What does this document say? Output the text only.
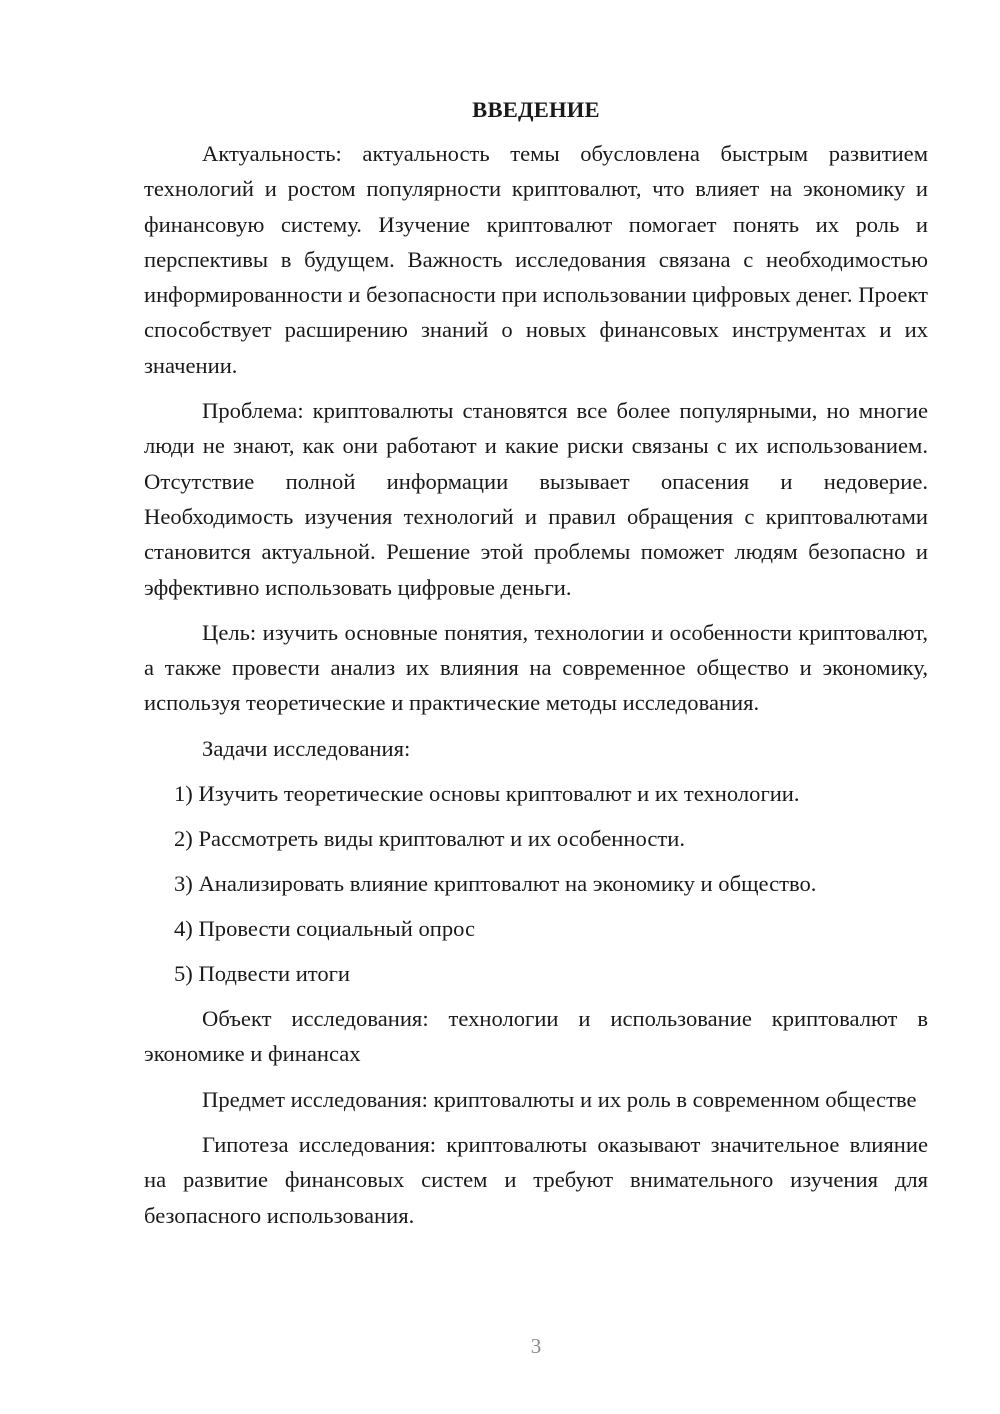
ВВЕДЕНИЕ

Актуальность: актуальность темы обусловлена быстрым развитием технологий и ростом популярности криптовалют, что влияет на экономику и финансовую систему. Изучение криптовалют помогает понять их роль и перспективы в будущем. Важность исследования связана с необходимостью информированности и безопасности при использовании цифровых денег. Проект способствует расширению знаний о новых финансовых инструментах и их значении.

Проблема: криптовалюты становятся все более популярными, но многие люди не знают, как они работают и какие риски связаны с их использованием. Отсутствие полной информации вызывает опасения и недоверие. Необходимость изучения технологий и правил обращения с криптовалютами становится актуальной. Решение этой проблемы поможет людям безопасно и эффективно использовать цифровые деньги.

Цель: изучить основные понятия, технологии и особенности криптовалют, а также провести анализ их влияния на современное общество и экономику, используя теоретические и практические методы исследования.

Задачи исследования:

1) Изучить теоретические основы криптовалют и их технологии.
2) Рассмотреть виды криптовалют и их особенности.
3) Анализировать влияние криптовалют на экономику и общество.
4) Провести социальный опрос
5) Подвести итоги

Объект исследования: технологии и использование криптовалют в экономике и финансах

Предмет исследования: криптовалюты и их роль в современном обществе

Гипотеза исследования: криптовалюты оказывают значительное влияние на развитие финансовых систем и требуют внимательного изучения для безопасного использования.

3
